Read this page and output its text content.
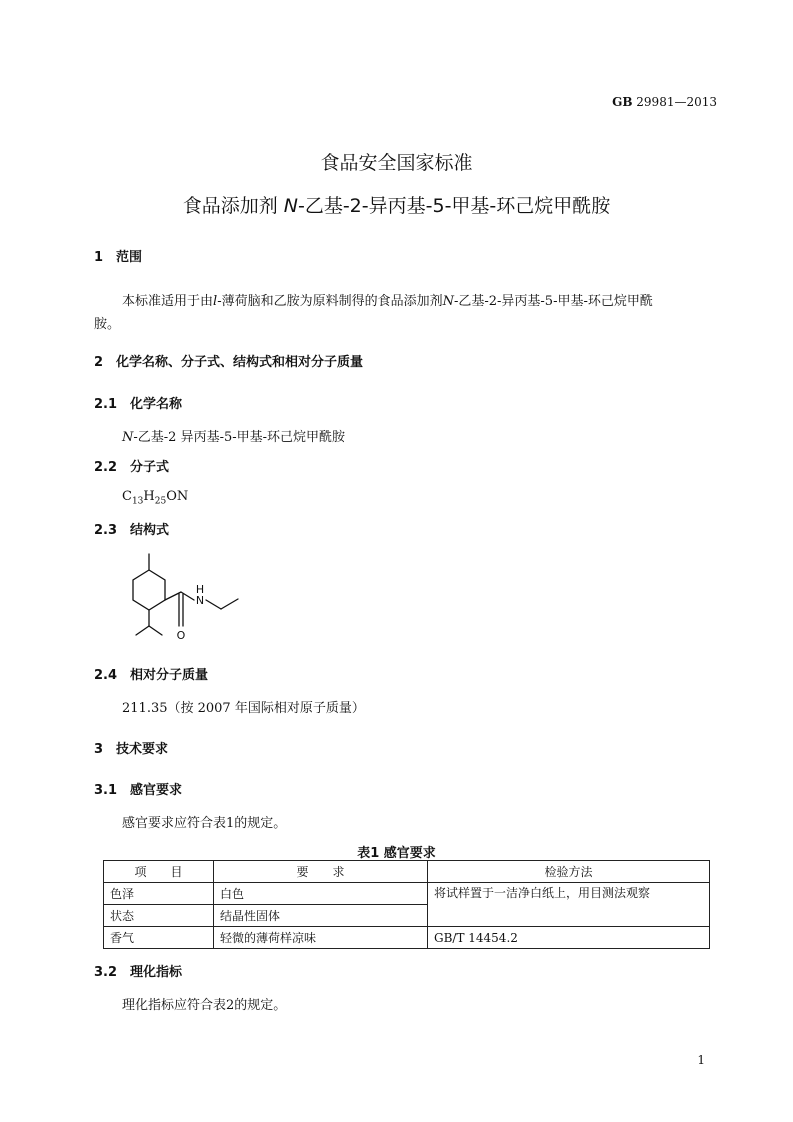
GB 29981—2013
食品安全国家标准
食品添加剂 N-乙基-2-异丙基-5-甲基-环己烷甲酰胺
1　范围
本标准适用于由l-薄荷脑和乙胺为原料制得的食品添加剂N-乙基-2-异丙基-5-甲基-环己烷甲酰
胺。
2　化学名称、分子式、结构式和相对分子质量
2.1　化学名称
N-乙基-2 异丙基-5-甲基-环己烷甲酰胺
2.2　分子式
$C_{13}H_{25}ON$
2.3　结构式
N
H
O
2.4　相对分子质量
211.35（按 2007 年国际相对原子质量）
3　技术要求
3.1　感官要求
感官要求应符合表1的规定。
表1 感官要求
项　　目	要　　求	检验方法
色泽	白色	将试样置于一洁净白纸上，用目测法观察
状态	结晶性固体	
香气	轻微的薄荷样凉味	GB/T 14454.2
3.2　理化指标
理化指标应符合表2的规定。
1
